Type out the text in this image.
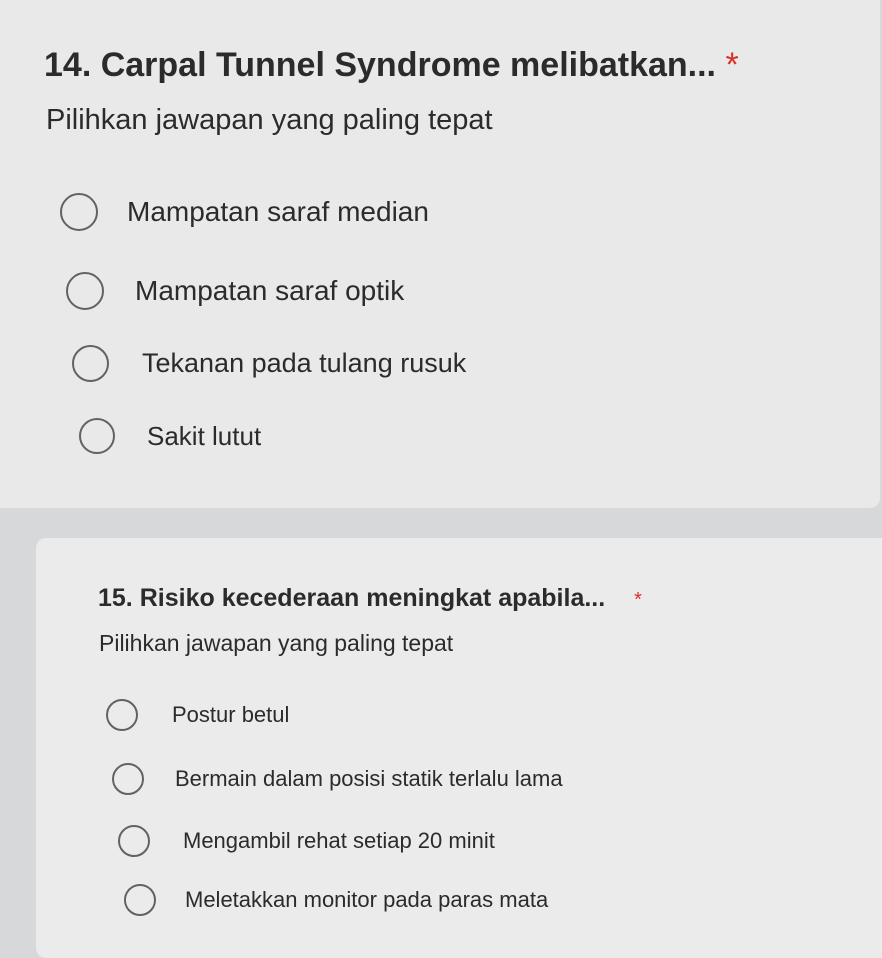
14. Carpal Tunnel Syndrome melibatkan... *
Pilihkan jawapan yang paling tepat
Mampatan saraf median
Mampatan saraf optik
Tekanan pada tulang rusuk
Sakit lutut
15. Risiko kecederaan meningkat apabila... *
Pilihkan jawapan yang paling tepat
Postur betul
Bermain dalam posisi statik terlalu lama
Mengambil rehat setiap 20 minit
Meletakkan monitor pada paras mata
